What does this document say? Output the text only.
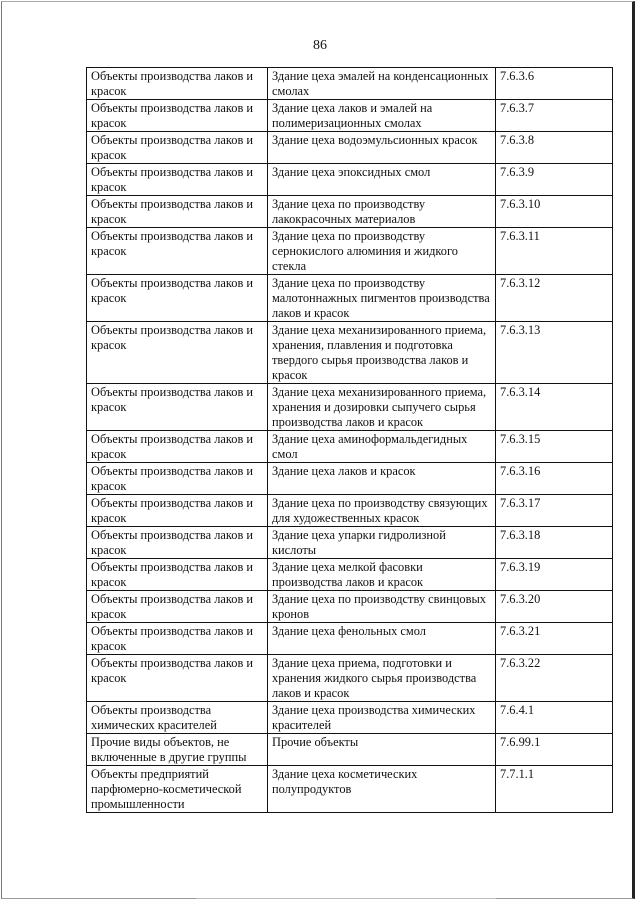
86
Объекты производства лаков и красок	Здание цеха эмалей на конденсационных смолах	7.6.3.6
Объекты производства лаков и красок	Здание цеха лаков и эмалей на полимеризационных смолах	7.6.3.7
Объекты производства лаков и красок	Здание цеха водоэмульсионных красок	7.6.3.8
Объекты производства лаков и красок	Здание цеха эпоксидных смол	7.6.3.9
Объекты производства лаков и красок	Здание цеха по производству лакокрасочных материалов	7.6.3.10
Объекты производства лаков и красок	Здание цеха по производству сернокислого алюминия и жидкого стекла	7.6.3.11
Объекты производства лаков и красок	Здание цеха по производству малотоннажных пигментов производства лаков и красок	7.6.3.12
Объекты производства лаков и красок	Здание цеха механизированного приема, хранения, плавления и подготовка твердого сырья производства лаков и красок	7.6.3.13
Объекты производства лаков и красок	Здание цеха механизированного приема, хранения и дозировки сыпучего сырья производства лаков и красок	7.6.3.14
Объекты производства лаков и красок	Здание цеха аминоформальдегидных смол	7.6.3.15
Объекты производства лаков и красок	Здание цеха лаков и красок	7.6.3.16
Объекты производства лаков и красок	Здание цеха по производству связующих для художественных красок	7.6.3.17
Объекты производства лаков и красок	Здание цеха упарки гидролизной кислоты	7.6.3.18
Объекты производства лаков и красок	Здание цеха мелкой фасовки производства лаков и красок	7.6.3.19
Объекты производства лаков и красок	Здание цеха по производству свинцовых кронов	7.6.3.20
Объекты производства лаков и красок	Здание цеха фенольных смол	7.6.3.21
Объекты производства лаков и красок	Здание цеха приема, подготовки и хранения жидкого сырья производства лаков и красок	7.6.3.22
Объекты производства химических красителей	Здание цеха производства химических красителей	7.6.4.1
Прочие виды объектов, не включенные в другие группы	Прочие объекты	7.6.99.1
Объекты предприятий парфюмерно-косметической промышленности	Здание цеха косметических полупродуктов	7.7.1.1
